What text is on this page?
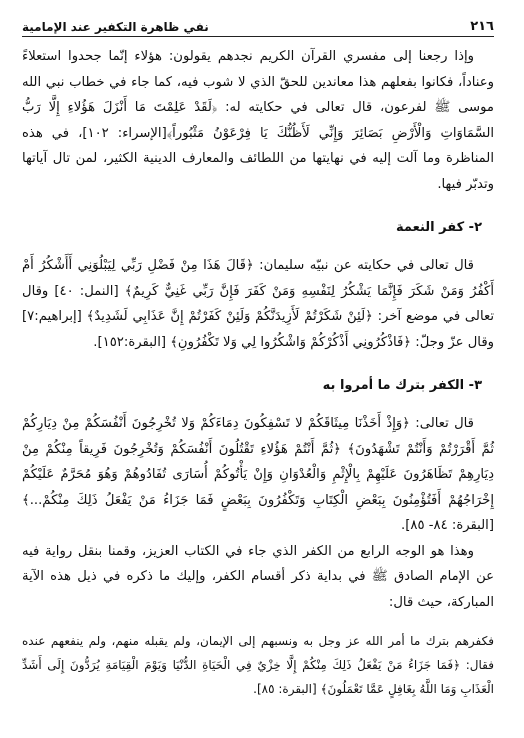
٢١٦
نفي ظاهرة التكفير عند الإمامية

وإذا رجعنا إلى مفسري القرآن الكريم نجدهم يقولون: هؤلاء إنّما جحدوا استعلاءً وعناداً، فكانوا بفعلهم هذا معاندين للحقّ الذي لا شوب فيه، كما جاء في خطاب نبي الله موسى ﷺ لفرعون، قال تعالى في حكايته له: ﴿لَقَدْ عَلِمْتَ مَا أَنْزَلَ هَؤُلاءِ إِلَّا رَبُّ السَّمَاوَاتِ وَالْأَرْضِ بَصَائِرَ وَإِنِّي لَأَظُنُّكَ يَا فِرْعَوْنُ مَثْبُوراً﴾[الإسراء: ١٠٢]، في هذه المناظرة وما آلت إليه في نهايتها من اللطائف والمعارف الدينية الكثير، لمن تال آياتها وتدبّر فيها.

٢- كفر النعمة

قال تعالى في حكايته عن نبيّه سليمان: ﴿قَالَ هَذَا مِنْ فَضْلِ رَبِّي لِيَبْلُوَنِي أَأَشْكُرُ أَمْ أَكْفُرُ وَمَنْ شَكَرَ فَإِنَّمَا يَشْكُرُ لِنَفْسِهِ وَمَنْ كَفَرَ فَإِنَّ رَبِّي غَنِيٌّ كَرِيمٌ﴾ [النمل: ٤٠] وقال تعالى في موضع آخر: ﴿لَئِنْ شَكَرْتُمْ لَأَزِيدَنَّكُمْ وَلَئِنْ كَفَرْتُمْ إِنَّ عَذَابِي لَشَدِيدٌ﴾ [إبراهيم:٧] وقال عزّ وجلّ: ﴿فَاذْكُرُونِي أَذْكُرْكُمْ وَاشْكُرُوا لِي وَلا تَكْفُرُونِ﴾ [البقرة:١٥٢].

٣- الكفر بترك ما أمروا به

قال تعالى: ﴿وَإِذْ أَخَذْنَا مِيثَاقَكُمْ لا تَسْفِكُونَ دِمَاءَكُمْ وَلا تُخْرِجُونَ أَنْفُسَكُمْ مِنْ دِيَارِكُمْ ثُمَّ أَقْرَرْتُمْ وَأَنْتُمْ تَشْهَدُونَ﴾ ﴿ثُمَّ أَنْتُمْ هَؤُلاءِ تَقْتُلُونَ أَنْفُسَكُمْ وَتُخْرِجُونَ فَرِيقاً مِنْكُمْ مِنْ دِيَارِهِمْ تَظَاهَرُونَ عَلَيْهِمْ بِالْإِثْمِ وَالْعُدْوَانِ وَإِنْ يَأْتُوكُمْ أُسَارَى تُفَادُوهُمْ وَهُوَ مُحَرَّمٌ عَلَيْكُمْ إِخْرَاجُهُمْ أَفَتُؤْمِنُونَ بِبَعْضِ الْكِتَابِ وَتَكْفُرُونَ بِبَعْضٍ فَمَا جَزَاءُ مَنْ يَفْعَلُ ذَلِكَ مِنْكُمْ...﴾ [البقرة: ٨٤- ٨٥].

وهذا هو الوجه الرابع من الكفر الذي جاء في الكتاب العزيز، وقمنا بنقل رواية فيه عن الإمام الصادق ﷺ في بداية ذكر أقسام الكفر، وإليك ما ذكره في ذيل هذه الآية المباركة، حيث قال:

فكفرهم بترك ما أمر الله عز وجل به ونسبهم إلى الإيمان، ولم يقبله منهم، ولم ينفعهم عنده فقال: ﴿فَمَا جَزَاءُ مَنْ يَفْعَلُ ذَلِكَ مِنْكُمْ إِلَّا خِزْيٌ فِي الْحَيَاةِ الدُّنْيَا وَيَوْمَ الْقِيَامَةِ يُرَدُّونَ إِلَى أَشَدِّ الْعَذَابِ وَمَا اللَّهُ بِغَافِلٍ عَمَّا تَعْمَلُونَ﴾ [البقرة: ٨٥].
